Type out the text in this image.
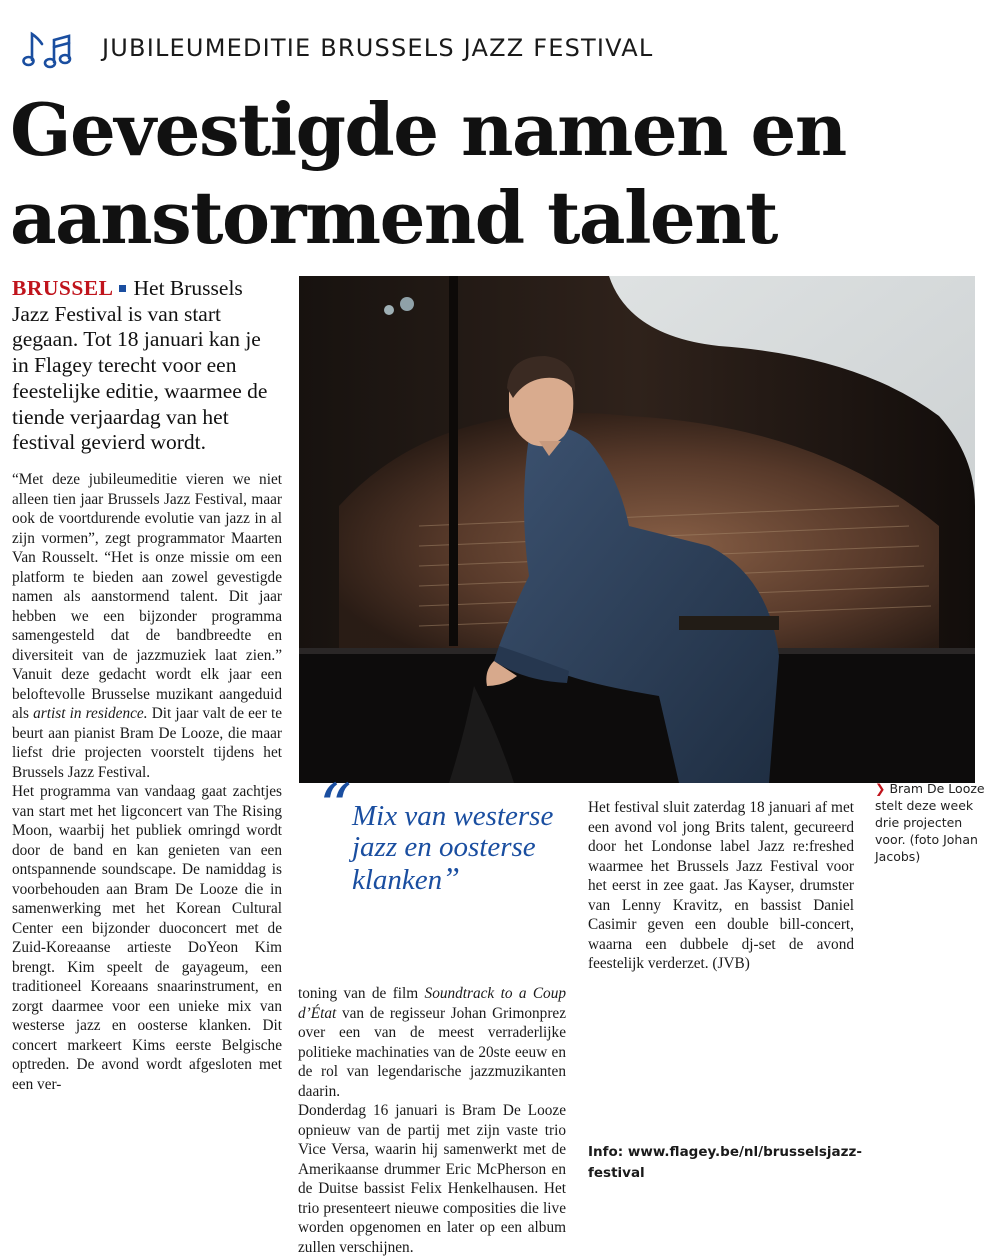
JUBILEUMEDITIE BRUSSELS JAZZ FESTIVAL
Gevestigde namen en
aanstormend talent
BRUSSEL Het Brussels Jazz Festival is van start gegaan. Tot 18 januari kan je in Flagey terecht voor een feestelijke editie, waarmee de tiende verjaardag van het festival gevierd wordt.

“Met deze jubileumeditie vieren we niet alleen tien jaar Brussels Jazz Festival, maar ook de voortdurende evolutie van jazz in al zijn vormen”, zegt programmator Maarten Van Rousselt. “Het is onze missie om een platform te bieden aan zowel gevestigde namen als aanstormend talent. Dit jaar hebben we een bijzonder programma samengesteld dat de bandbreedte en diversiteit van de jazzmuziek laat zien.” Vanuit deze gedacht wordt elk jaar een beloftevolle Brusselse muzikant aangeduid als artist in residence. Dit jaar valt de eer te beurt aan pianist Bram De Looze, die maar liefst drie projecten voorstelt tijdens het Brussels Jazz Festival.

Het programma van vandaag gaat zachtjes van start met het ligconcert van The Rising Moon, waarbij het publiek omringd wordt door de band en kan genieten van een ontspannende soundscape. De namiddag is voorbehouden aan Bram De Looze die in samenwerking met het Korean Cultural Center een bijzonder duoconcert met de Zuid-Koreaanse artieste DoYeon Kim brengt. Kim speelt de gayageum, een traditioneel Koreaans snaarinstrument, en zorgt daarmee voor een unieke mix van westerse jazz en oosterse klanken. Dit concert markeert Kims eerste Belgische optreden. De avond wordt afgesloten met een ver-

“ Mix van westerse jazz en oosterse klanken”
❯ Bram De Looze stelt deze week drie projecten voor. (foto Johan Jacobs)

toning van de film Soundtrack to a Coup d’État van de regisseur Johan Grimonprez over een van de meest verraderlijke politieke machinaties van de 20ste eeuw en de rol van legendarische jazzmuzikanten daarin.

Donderdag 16 januari is Bram De Looze opnieuw van de partij met zijn vaste trio Vice Versa, waarin hij samenwerkt met de Amerikaanse drummer Eric McPherson en de Duitse bassist Felix Henkelhausen. Het trio presenteert nieuwe composities die live worden opgenomen en later op een album zullen verschijnen.

Het festival sluit zaterdag 18 januari af met een avond vol jong Brits talent, gecureerd door het Londonse label Jazz re:freshed waarmee het Brussels Jazz Festival voor het eerst in zee gaat. Jas Kayser, drumster van Lenny Kravitz, en bassist Daniel Casimir geven een double bill-concert, waarna een dubbele dj-set de avond feestelijk verderzet. (JVB)

Info: www.flagey.be/nl/brusselsjazz-festival
